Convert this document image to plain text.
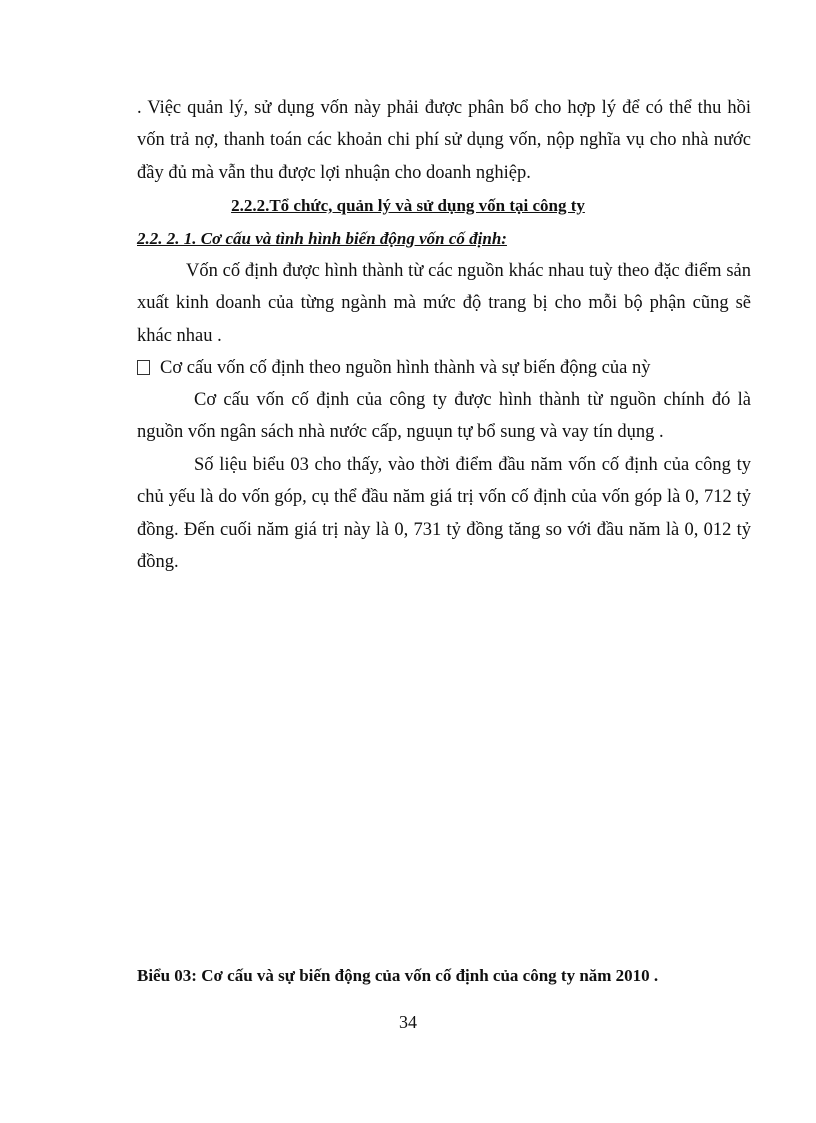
. Việc quản lý, sử dụng vốn này phải được phân bổ cho hợp lý để có thể thu hồi vốn trả nợ, thanh toán các khoản chi phí sử dụng vốn, nộp nghĩa vụ cho nhà nước đầy đủ mà vẫn thu được lợi nhuận cho doanh nghiệp.
2.2.2.Tổ chức, quản lý và sử dụng vốn tại công ty
2.2. 2. 1. Cơ cấu và tình hình biến động vốn cố định:
Vốn cố định được hình thành từ các nguồn khác nhau tuỳ theo đặc điểm sản xuất kinh doanh của từng ngành mà mức độ trang bị cho mỗi bộ phận cũng sẽ khác nhau .
Cơ cấu vốn cố định theo nguồn hình thành và sự biến động của nỳ
Cơ cấu vốn cố định của công ty được hình thành từ nguồn chính đó là nguồn vốn ngân sách nhà nước cấp, nguụn tự bổ sung và vay tín dụng .
Số liệu biểu 03 cho thấy, vào thời điểm đầu năm vốn cố định của công ty chủ yếu là do vốn góp, cụ thể đầu năm giá trị vốn cố định của vốn góp là 0, 712 tỷ đồng. Đến cuối năm giá trị này là 0, 731 tỷ đồng tăng so với đầu năm là 0, 012 tỷ đồng.
Biểu 03: Cơ cấu và sự biến động của vốn cố định của công ty năm 2010 .
34
